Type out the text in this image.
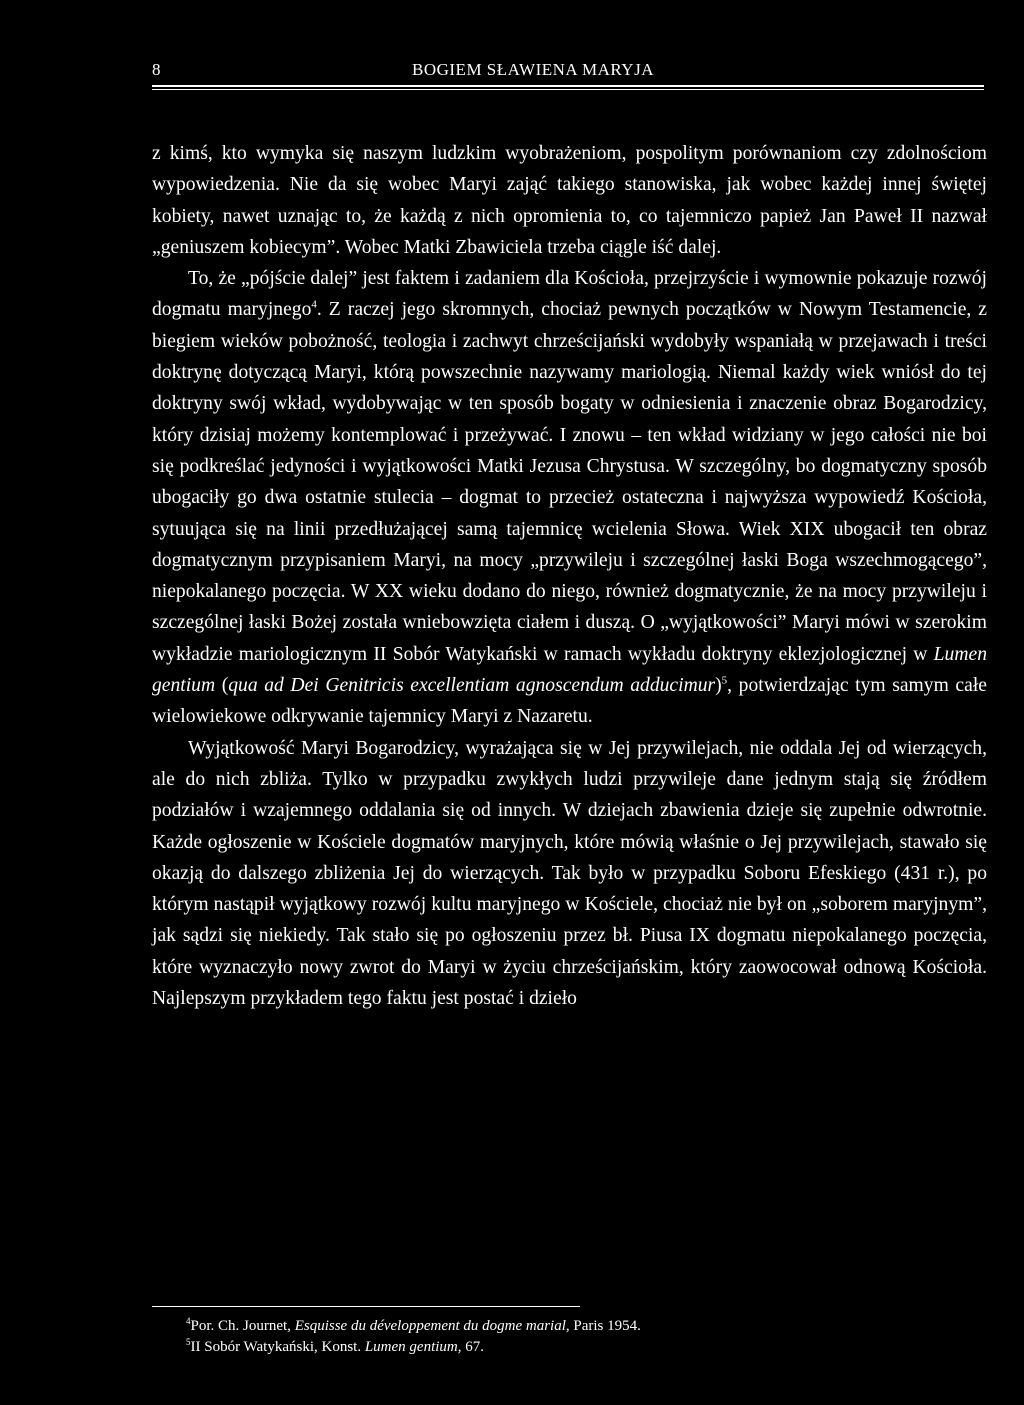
8	BOGIEM SŁAWIENA MARYJA

z kimś, kto wymyka się naszym ludzkim wyobrażeniom, pospolitym porównaniom czy zdolnościom wypowiedzenia. Nie da się wobec Maryi zająć takiego stanowiska, jak wobec każdej innej świętej kobiety, nawet uznając to, że każdą z nich opromienia to, co tajemniczo papież Jan Paweł II nazwał „geniuszem kobiecym”. Wobec Matki Zbawiciela trzeba ciągle iść dalej.

To, że „pójście dalej” jest faktem i zadaniem dla Kościoła, przejrzyście i wymownie pokazuje rozwój dogmatu maryjnego$^4$. Z raczej jego skromnych, chociaż pewnych początków w Nowym Testamencie, z biegiem wieków pobożność, teologia i zachwyt chrześcijański wydobyły wspaniałą w przejawach i treści doktrynę dotyczącą Maryi, którą powszechnie nazywamy mariologią. Niemal każdy wiek wniósł do tej doktryny swój wkład, wydobywając w ten sposób bogaty w odniesienia i znaczenie obraz Bogarodzicy, który dzisiaj możemy kontemplować i przeżywać. I znowu – ten wkład widziany w jego całości nie boi się podkreślać jedyności i wyjątkowości Matki Jezusa Chrystusa. W szczególny, bo dogmatyczny sposób ubogaciły go dwa ostatnie stulecia – dogmat to przecież ostateczna i najwyższa wypowiedź Kościoła, sytuująca się na linii przedłużającej samą tajemnicę wcielenia Słowa. Wiek XIX ubogacił ten obraz dogmatycznym przypisaniem Maryi, na mocy „przywileju i szczególnej łaski Boga wszechmogącego”, niepokalanego poczęcia. W XX wieku dodano do niego, również dogmatycznie, że na mocy przywileju i szczególnej łaski Bożej została wniebowzięta ciałem i duszą. O „wyjątkowości” Maryi mówi w szerokim wykładzie mariologicznym II Sobór Watykański w ramach wykładu doktryny eklezjologicznej w Lumen gentium (qua ad Dei Genitricis excellentiam agnoscendum adducimur)$^5$, potwierdzając tym samym całe wielowiekowe odkrywanie tajemnicy Maryi z Nazaretu.

Wyjątkowość Maryi Bogarodzicy, wyrażająca się w Jej przywilejach, nie oddala Jej od wierzących, ale do nich zbliża. Tylko w przypadku zwykłych ludzi przywileje dane jednym stają się źródłem podziałów i wzajemnego oddalania się od innych. W dziejach zbawienia dzieje się zupełnie odwrotnie. Każde ogłoszenie w Kościele dogmatów maryjnych, które mówią właśnie o Jej przywilejach, stawało się okazją do dalszego zbliżenia Jej do wierzących. Tak było w przypadku Soboru Efeskiego (431 r.), po którym nastąpił wyjątkowy rozwój kultu maryjnego w Kościele, chociaż nie był on „soborem maryjnym”, jak sądzi się niekiedy. Tak stało się po ogłoszeniu przez bł. Piusa IX dogmatu niepokalanego poczęcia, które wyznaczyło nowy zwrot do Maryi w życiu chrześcijańskim, który zaowocował odnową Kościoła. Najlepszym przykładem tego faktu jest postać i dzieło

$^4$Por. Ch. Journet, Esquisse du développement du dogme marial, Paris 1954.
$^5$II Sobór Watykański, Konst. Lumen gentium, 67.
